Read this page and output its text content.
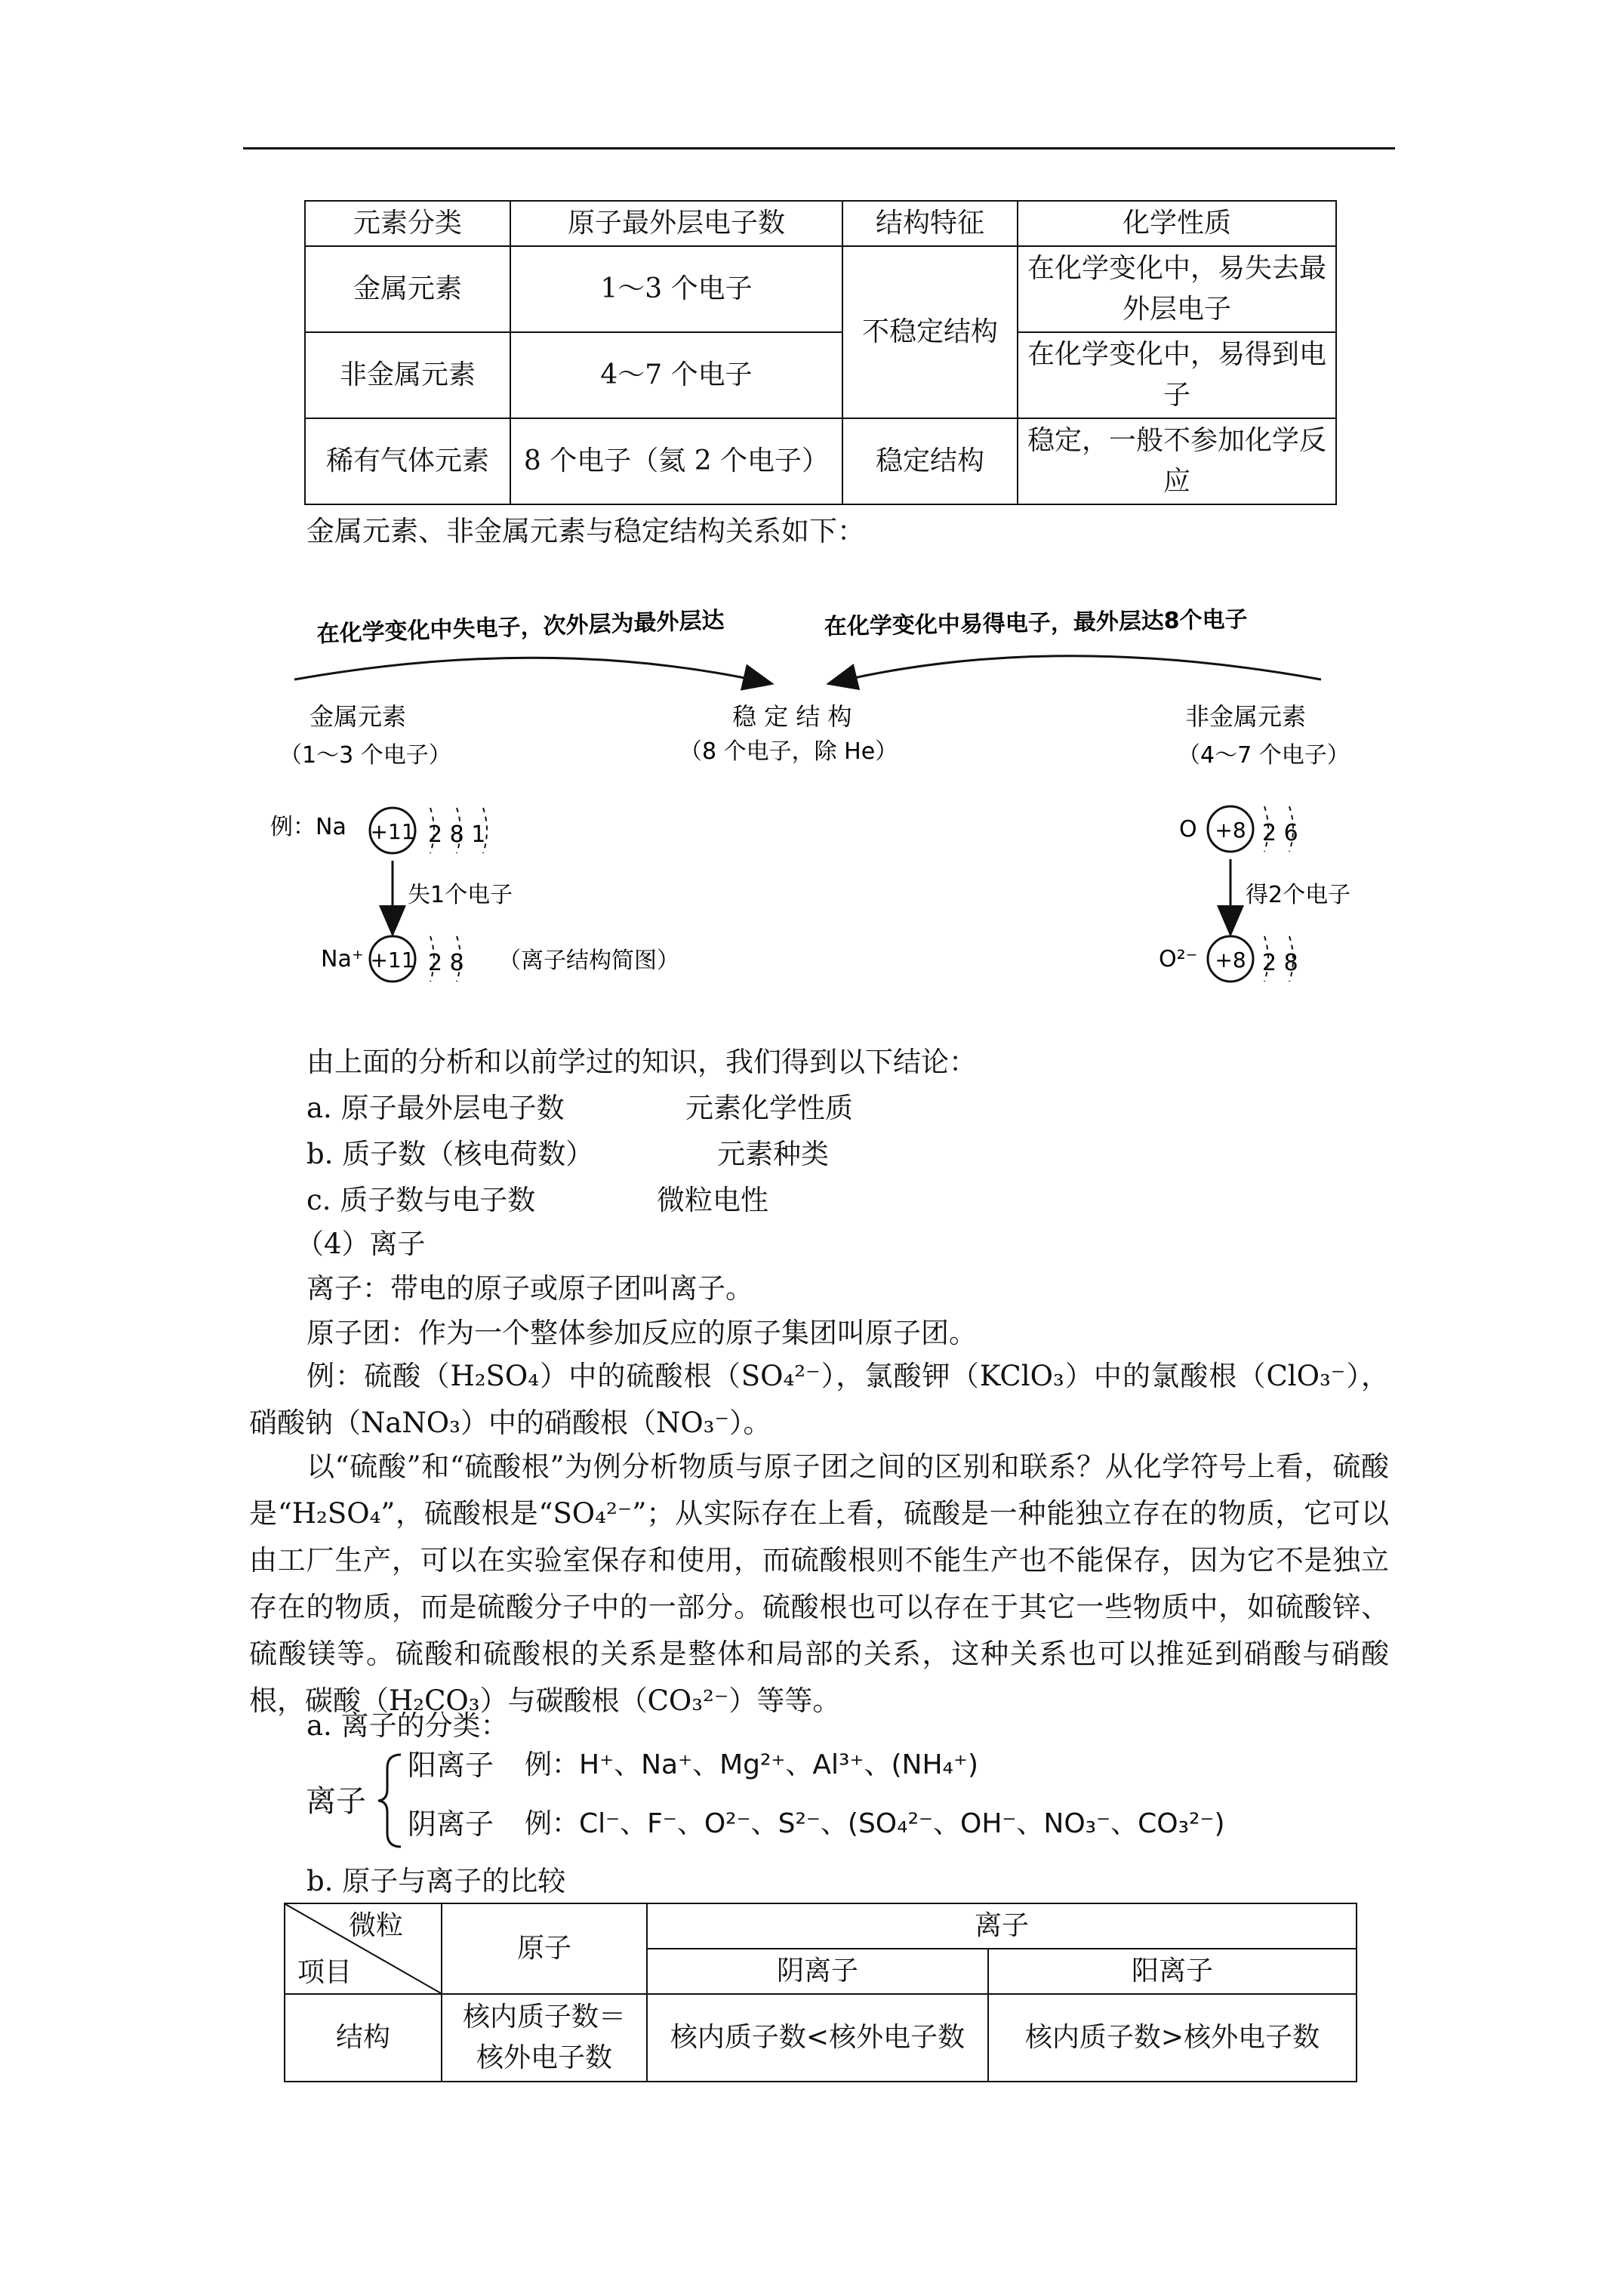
元素分类	原子最外层电子数	结构特征	化学性质
金属元素	1～3 个电子	不稳定结构	在化学变化中，易失去最外层电子
非金属元素	4～7 个电子		在化学变化中，易得到电子
稀有气体元素	8 个电子（氦 2 个电子）	稳定结构	稳定，一般不参加化学反应
金属元素、非金属元素与稳定结构关系如下：
在化学变化中失电子，次外层为最外层达	在化学变化中易得电子，最外层达8个电子
金属元素
（1～3 个电子）
稳 定 结 构
（8 个电子，除 He）
非金属元素
（4～7 个电子）
例：Na +11 2 8 1
失1个电子
Na⁺ +11 2 8 （离子结构简图）
O +8 2 6
得2个电子
O²⁻ +8 2 8
由上面的分析和以前学过的知识，我们得到以下结论：
a. 原子最外层电子数	元素化学性质
b. 质子数（核电荷数）	元素种类
c. 质子数与电子数	微粒电性
（4）离子
离子：带电的原子或原子团叫离子。
原子团：作为一个整体参加反应的原子集团叫原子团。
例：硫酸（H₂SO₄）中的硫酸根（SO₄²⁻），氯酸钾（KClO₃）中的氯酸根（ClO₃⁻），硝酸钠（NaNO₃）中的硝酸根（NO₃⁻）。
以“硫酸”和“硫酸根”为例分析物质与原子团之间的区别和联系？从化学符号上看，硫酸是“H₂SO₄”，硫酸根是“SO₄²⁻”；从实际存在上看，硫酸是一种能独立存在的物质，它可以由工厂生产，可以在实验室保存和使用，而硫酸根则不能生产也不能保存，因为它不是独立存在的物质，而是硫酸分子中的一部分。硫酸根也可以存在于其它一些物质中，如硫酸锌、硫酸镁等。硫酸和硫酸根的关系是整体和局部的关系，这种关系也可以推延到硝酸与硝酸根，碳酸（H₂CO₃）与碳酸根（CO₃²⁻）等等。
a. 离子的分类：
离子
阳离子 例：H⁺、Na⁺、Mg²⁺、Al³⁺、(NH₄⁺)
阴离子 例：Cl⁻、F⁻、O²⁻、S²⁻、(SO₄²⁻、OH⁻、NO₃⁻、CO₃²⁻)
b. 原子与离子的比较
微粒
项目	原子	离子	
		阴离子	阳离子
结构	核内质子数＝核外电子数	核内质子数<核外电子数	核内质子数>核外电子数
